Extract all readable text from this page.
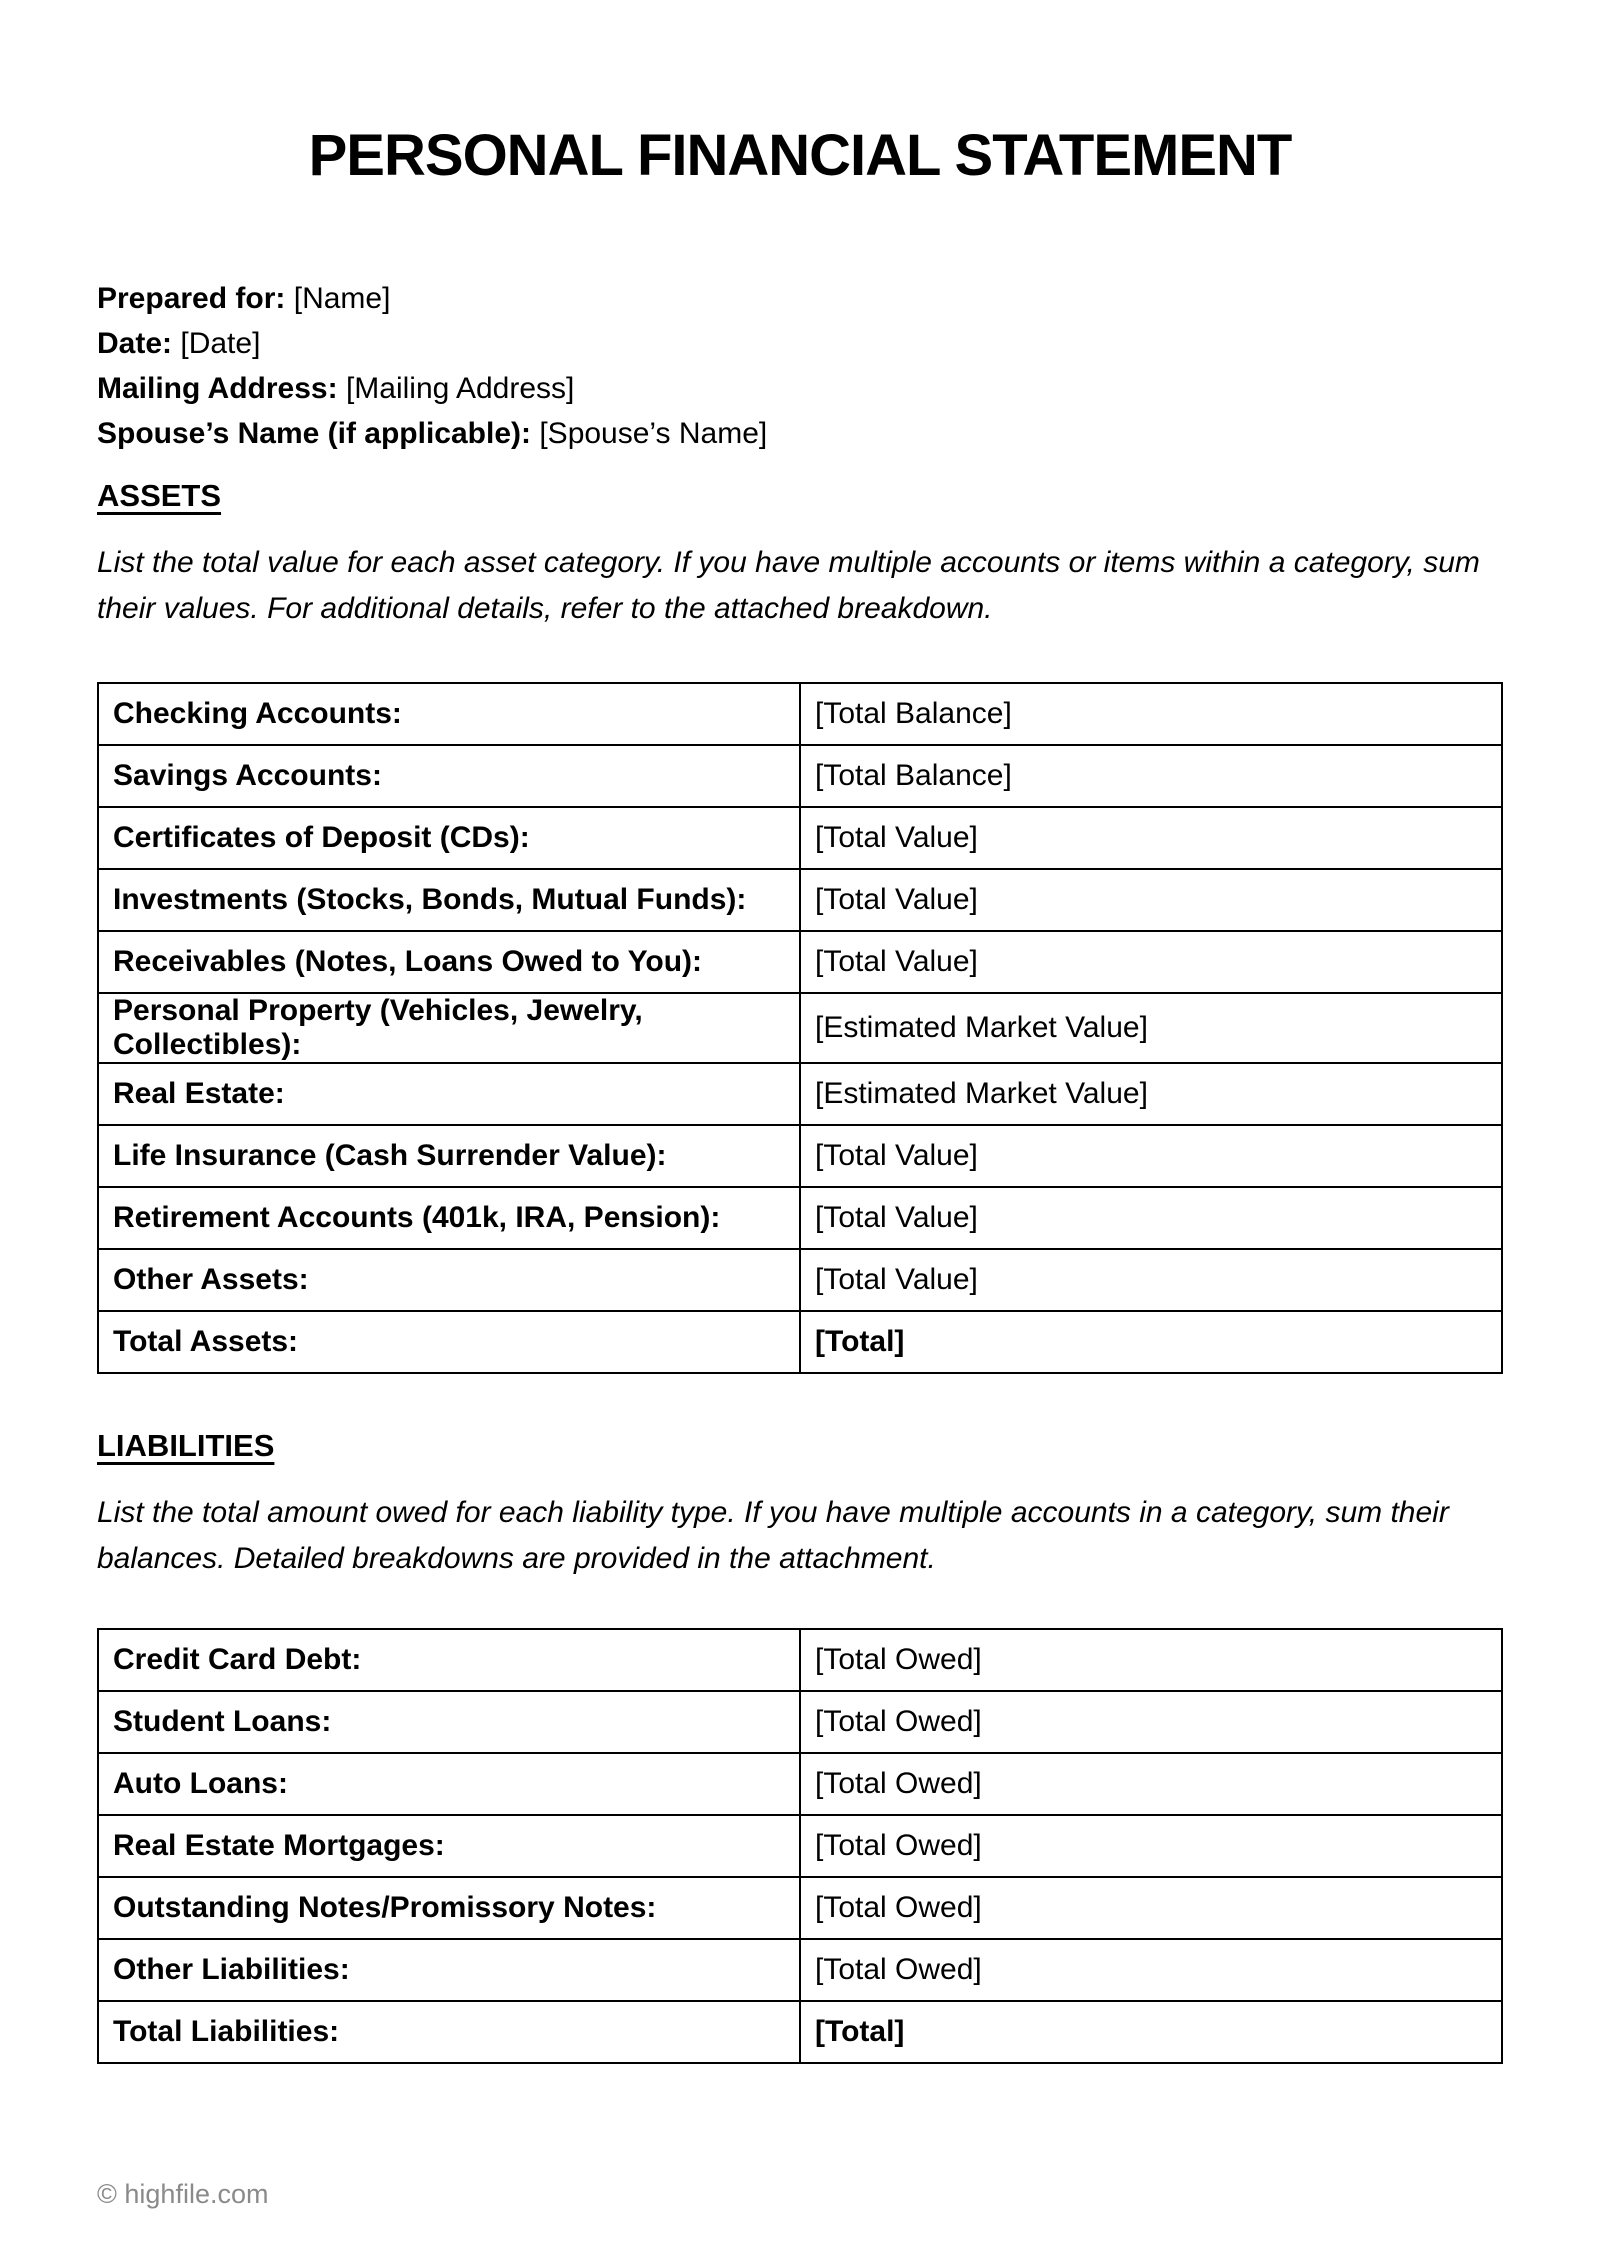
PERSONAL FINANCIAL STATEMENT

Prepared for: [Name]

Date: [Date]

Mailing Address: [Mailing Address]

Spouse’s Name (if applicable): [Spouse’s Name]

ASSETS

List the total value for each asset category. If you have multiple accounts or items within a category, sum their values. For additional details, refer to the attached breakdown.

Checking Accounts:	[Total Balance]
Savings Accounts:	[Total Balance]
Certificates of Deposit (CDs):	[Total Value]
Investments (Stocks, Bonds, Mutual Funds):	[Total Value]
Receivables (Notes, Loans Owed to You):	[Total Value]
Personal Property (Vehicles, Jewelry, Collectibles):	[Estimated Market Value]
Real Estate:	[Estimated Market Value]
Life Insurance (Cash Surrender Value):	[Total Value]
Retirement Accounts (401k, IRA, Pension):	[Total Value]
Other Assets:	[Total Value]
Total Assets:	[Total]
LIABILITIES

List the total amount owed for each liability type. If you have multiple accounts in a category, sum their balances. Detailed breakdowns are provided in the attachment.

Credit Card Debt:	[Total Owed]
Student Loans:	[Total Owed]
Auto Loans:	[Total Owed]
Real Estate Mortgages:	[Total Owed]
Outstanding Notes/Promissory Notes:	[Total Owed]
Other Liabilities:	[Total Owed]
Total Liabilities:	[Total]
© highfile.com
